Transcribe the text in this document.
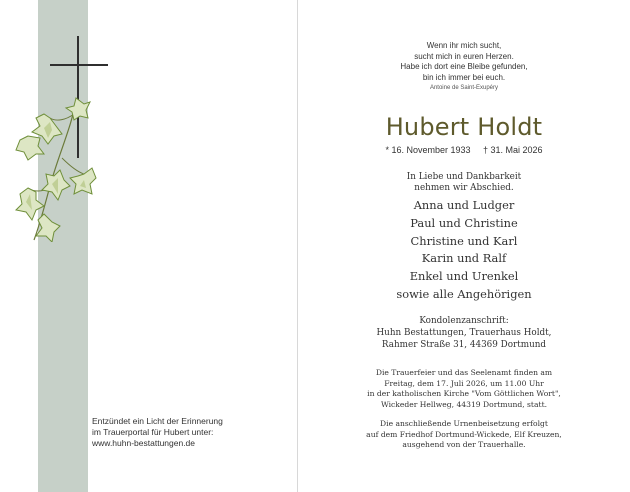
Entzündet ein Licht der Erinnerung
im Trauerportal für Hubert unter:
www.huhn-bestattungen.de
Wenn ihr mich sucht,
sucht mich in euren Herzen.
Habe ich dort eine Bleibe gefunden,
bin ich immer bei euch.
Antoine de Saint-Exupéry
Hubert Holdt
* 16. November 1933 † 31. Mai 2026
In Liebe und Dankbarkeit
nehmen wir Abschied.
Anna und Ludger
Paul und Christine
Christine und Karl
Karin und Ralf
Enkel und Urenkel
sowie alle Angehörigen
Kondolenzanschrift:
Huhn Bestattungen, Trauerhaus Holdt,
Rahmer Straße 31, 44369 Dortmund
Die Trauerfeier und das Seelenamt finden am
Freitag, dem 17. Juli 2026, um 11.00 Uhr
in der katholischen Kirche "Vom Göttlichen Wort",
Wickeder Hellweg, 44319 Dortmund, statt.
Die anschließende Urnenbeisetzung erfolgt
auf dem Friedhof Dortmund-Wickede, Elf Kreuzen,
ausgehend von der Trauerhalle.
